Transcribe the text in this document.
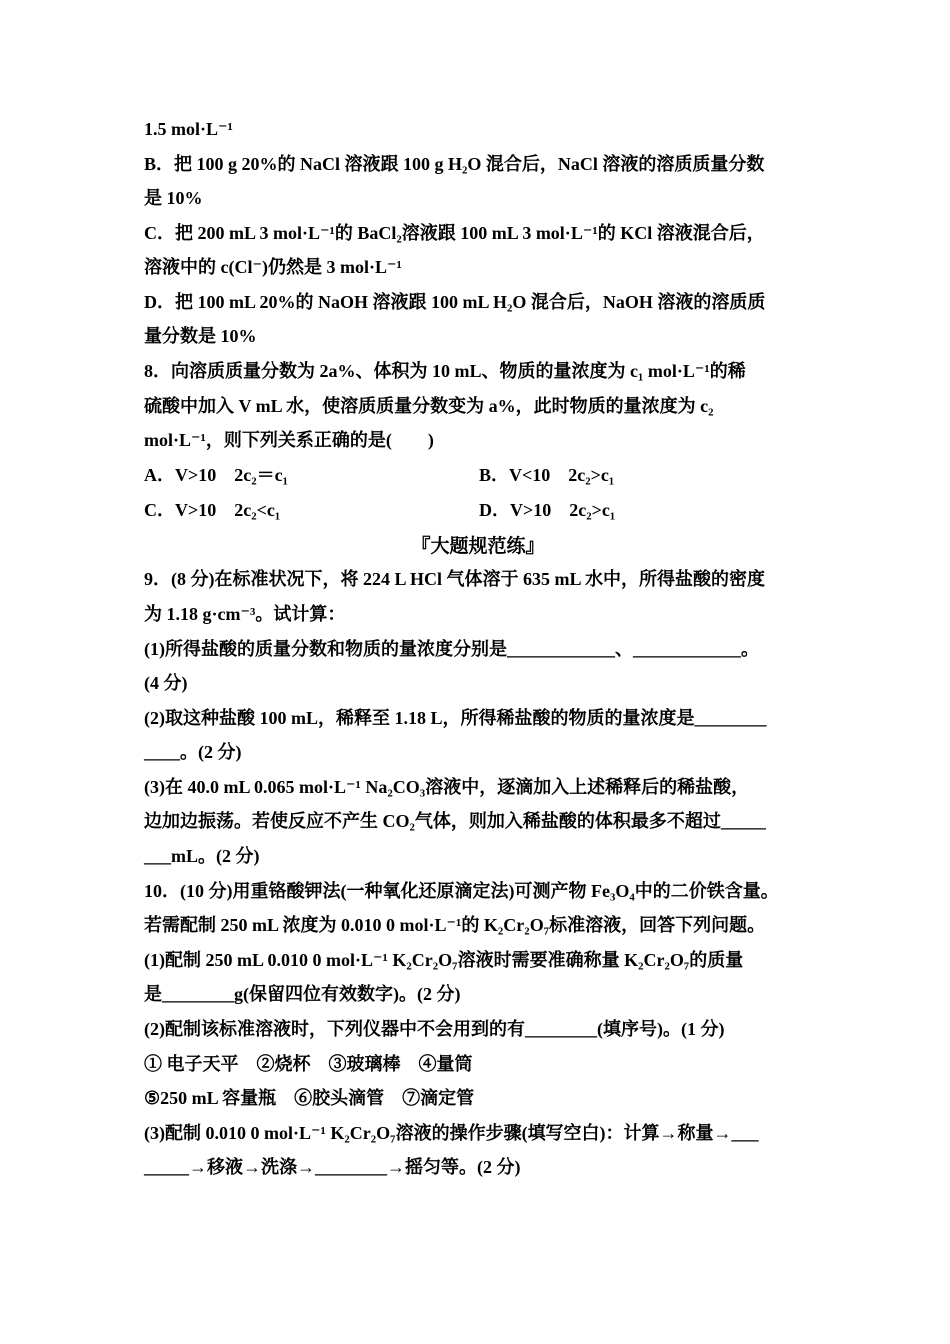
1.5 mol·L⁻¹
B．把 100 g 20%的 NaCl 溶液跟 100 g H₂O 混合后，NaCl 溶液的溶质质量分数
是 10%
C．把 200 mL 3 mol·L⁻¹的 BaCl₂溶液跟 100 mL 3 mol·L⁻¹的 KCl 溶液混合后，
溶液中的 c(Cl⁻)仍然是 3 mol·L⁻¹
D．把 100 mL 20%的 NaOH 溶液跟 100 mL H₂O 混合后，NaOH 溶液的溶质质
量分数是 10%
8．向溶质质量分数为 2a%、体积为 10 mL、物质的量浓度为 c₁ mol·L⁻¹的稀
硫酸中加入 V mL 水，使溶质质量分数变为 a%，此时物质的量浓度为 c₂
mol·L⁻¹，则下列关系正确的是(　　)
A．V>10　2c₂＝c₁	B．V<10　2c₂>c₁
C．V>10　2c₂<c₁	D．V>10　2c₂>c₁
『大题规范练』
9．(8 分)在标准状况下，将 224 L HCl 气体溶于 635 mL 水中，所得盐酸的密度
为 1.18 g·cm⁻³。试计算：
(1)所得盐酸的质量分数和物质的量浓度分别是____________、____________。
(4 分)
(2)取这种盐酸 100 mL，稀释至 1.18 L，所得稀盐酸的物质的量浓度是________
____。(2 分)
(3)在 40.0 mL 0.065 mol·L⁻¹ Na₂CO₃溶液中，逐滴加入上述稀释后的稀盐酸，
边加边振荡。若使反应不产生 CO₂气体，则加入稀盐酸的体积最多不超过_____
___mL。(2 分)
10．(10 分)用重铬酸钾法(一种氧化还原滴定法)可测产物 Fe₃O₄中的二价铁含量。
若需配制 250 mL 浓度为 0.010 0 mol·L⁻¹的 K₂Cr₂O₇标准溶液，回答下列问题。
(1)配制 250 mL 0.010 0 mol·L⁻¹ K₂Cr₂O₇溶液时需要准确称量 K₂Cr₂O₇的质量
是________g(保留四位有效数字)。(2 分)
(2)配制该标准溶液时，下列仪器中不会用到的有________(填序号)。(1 分)
① 电子天平　②烧杯　③玻璃棒　④量筒
⑤250 mL 容量瓶　⑥胶头滴管　⑦滴定管
(3)配制 0.010 0 mol·L⁻¹ K₂Cr₂O₇溶液的操作步骤(填写空白)：计算→称量→___
_____→移液→洗涤→________→摇匀等。(2 分)
